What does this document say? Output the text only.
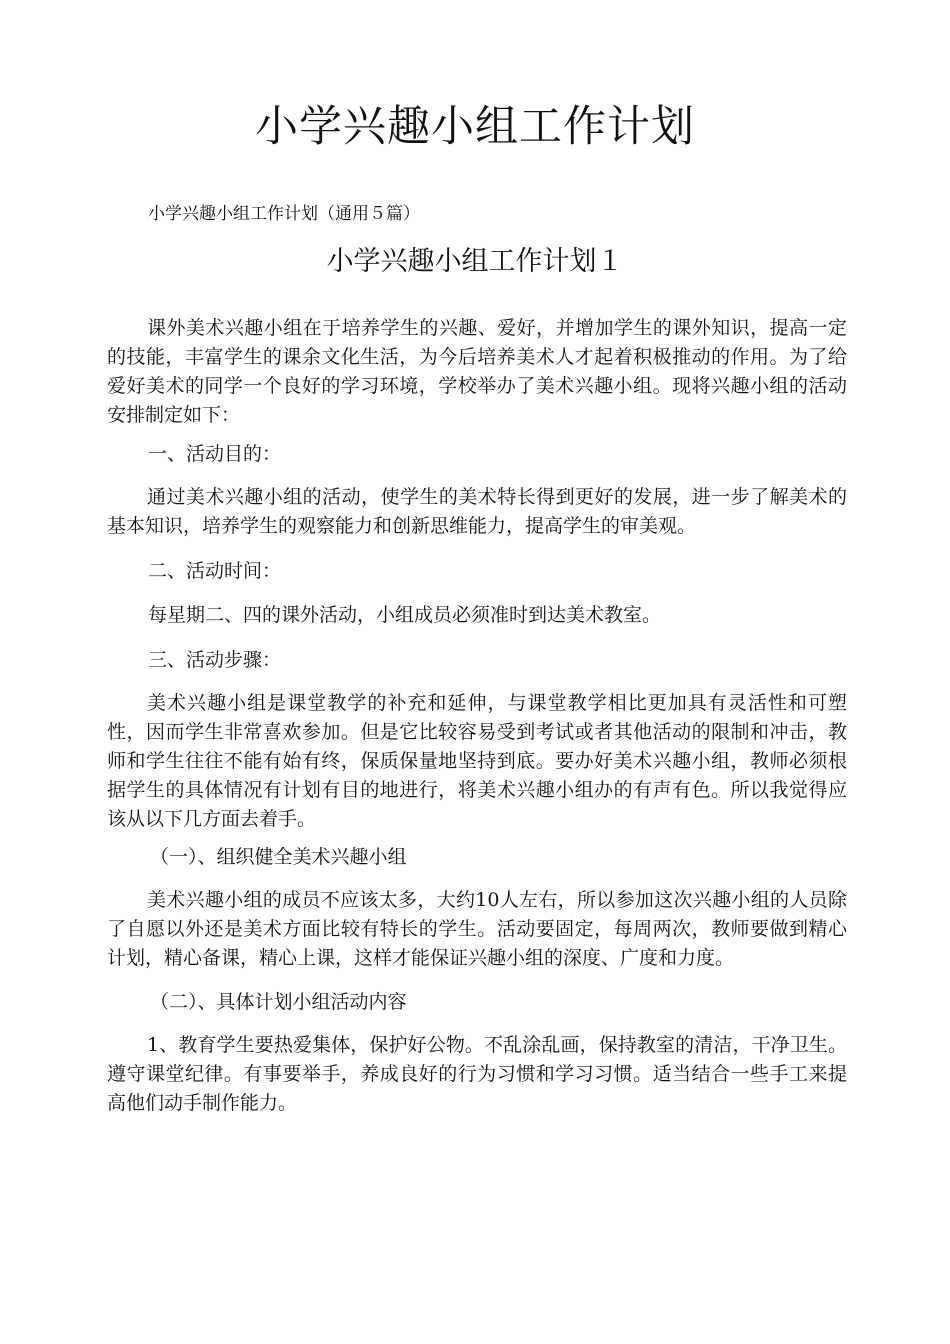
小学兴趣小组工作计划

小学兴趣小组工作计划（通用５篇）

小学兴趣小组工作计划１

课外美术兴趣小组在于培养学生的兴趣、爱好，并增加学生的课外知识，提高一定的技能，丰富学生的课余文化生活，为今后培养美术人才起着积极推动的作用。为了给爱好美术的同学一个良好的学习环境，学校举办了美术兴趣小组。现将兴趣小组的活动安排制定如下：

一、活动目的：

通过美术兴趣小组的活动，使学生的美术特长得到更好的发展，进一步了解美术的基本知识，培养学生的观察能力和创新思维能力，提高学生的审美观。

二、活动时间：

每星期二、四的课外活动，小组成员必须准时到达美术教室。

三、活动步骤：

美术兴趣小组是课堂教学的补充和延伸，与课堂教学相比更加具有灵活性和可塑性，因而学生非常喜欢参加。但是它比较容易受到考试或者其他活动的限制和冲击，教师和学生往往不能有始有终，保质保量地坚持到底。要办好美术兴趣小组，教师必须根据学生的具体情况有计划有目的地进行，将美术兴趣小组办的有声有色。所以我觉得应该从以下几方面去着手。

（一）、组织健全美术兴趣小组

美术兴趣小组的成员不应该太多，大约10人左右，所以参加这次兴趣小组的人员除了自愿以外还是美术方面比较有特长的学生。活动要固定，每周两次，教师要做到精心计划，精心备课，精心上课，这样才能保证兴趣小组的深度、广度和力度。

（二）、具体计划小组活动内容

1、教育学生要热爱集体，保护好公物。不乱涂乱画，保持教室的清洁，干净卫生。遵守课堂纪律。有事要举手，养成良好的行为习惯和学习习惯。适当结合一些手工来提高他们动手制作能力。
